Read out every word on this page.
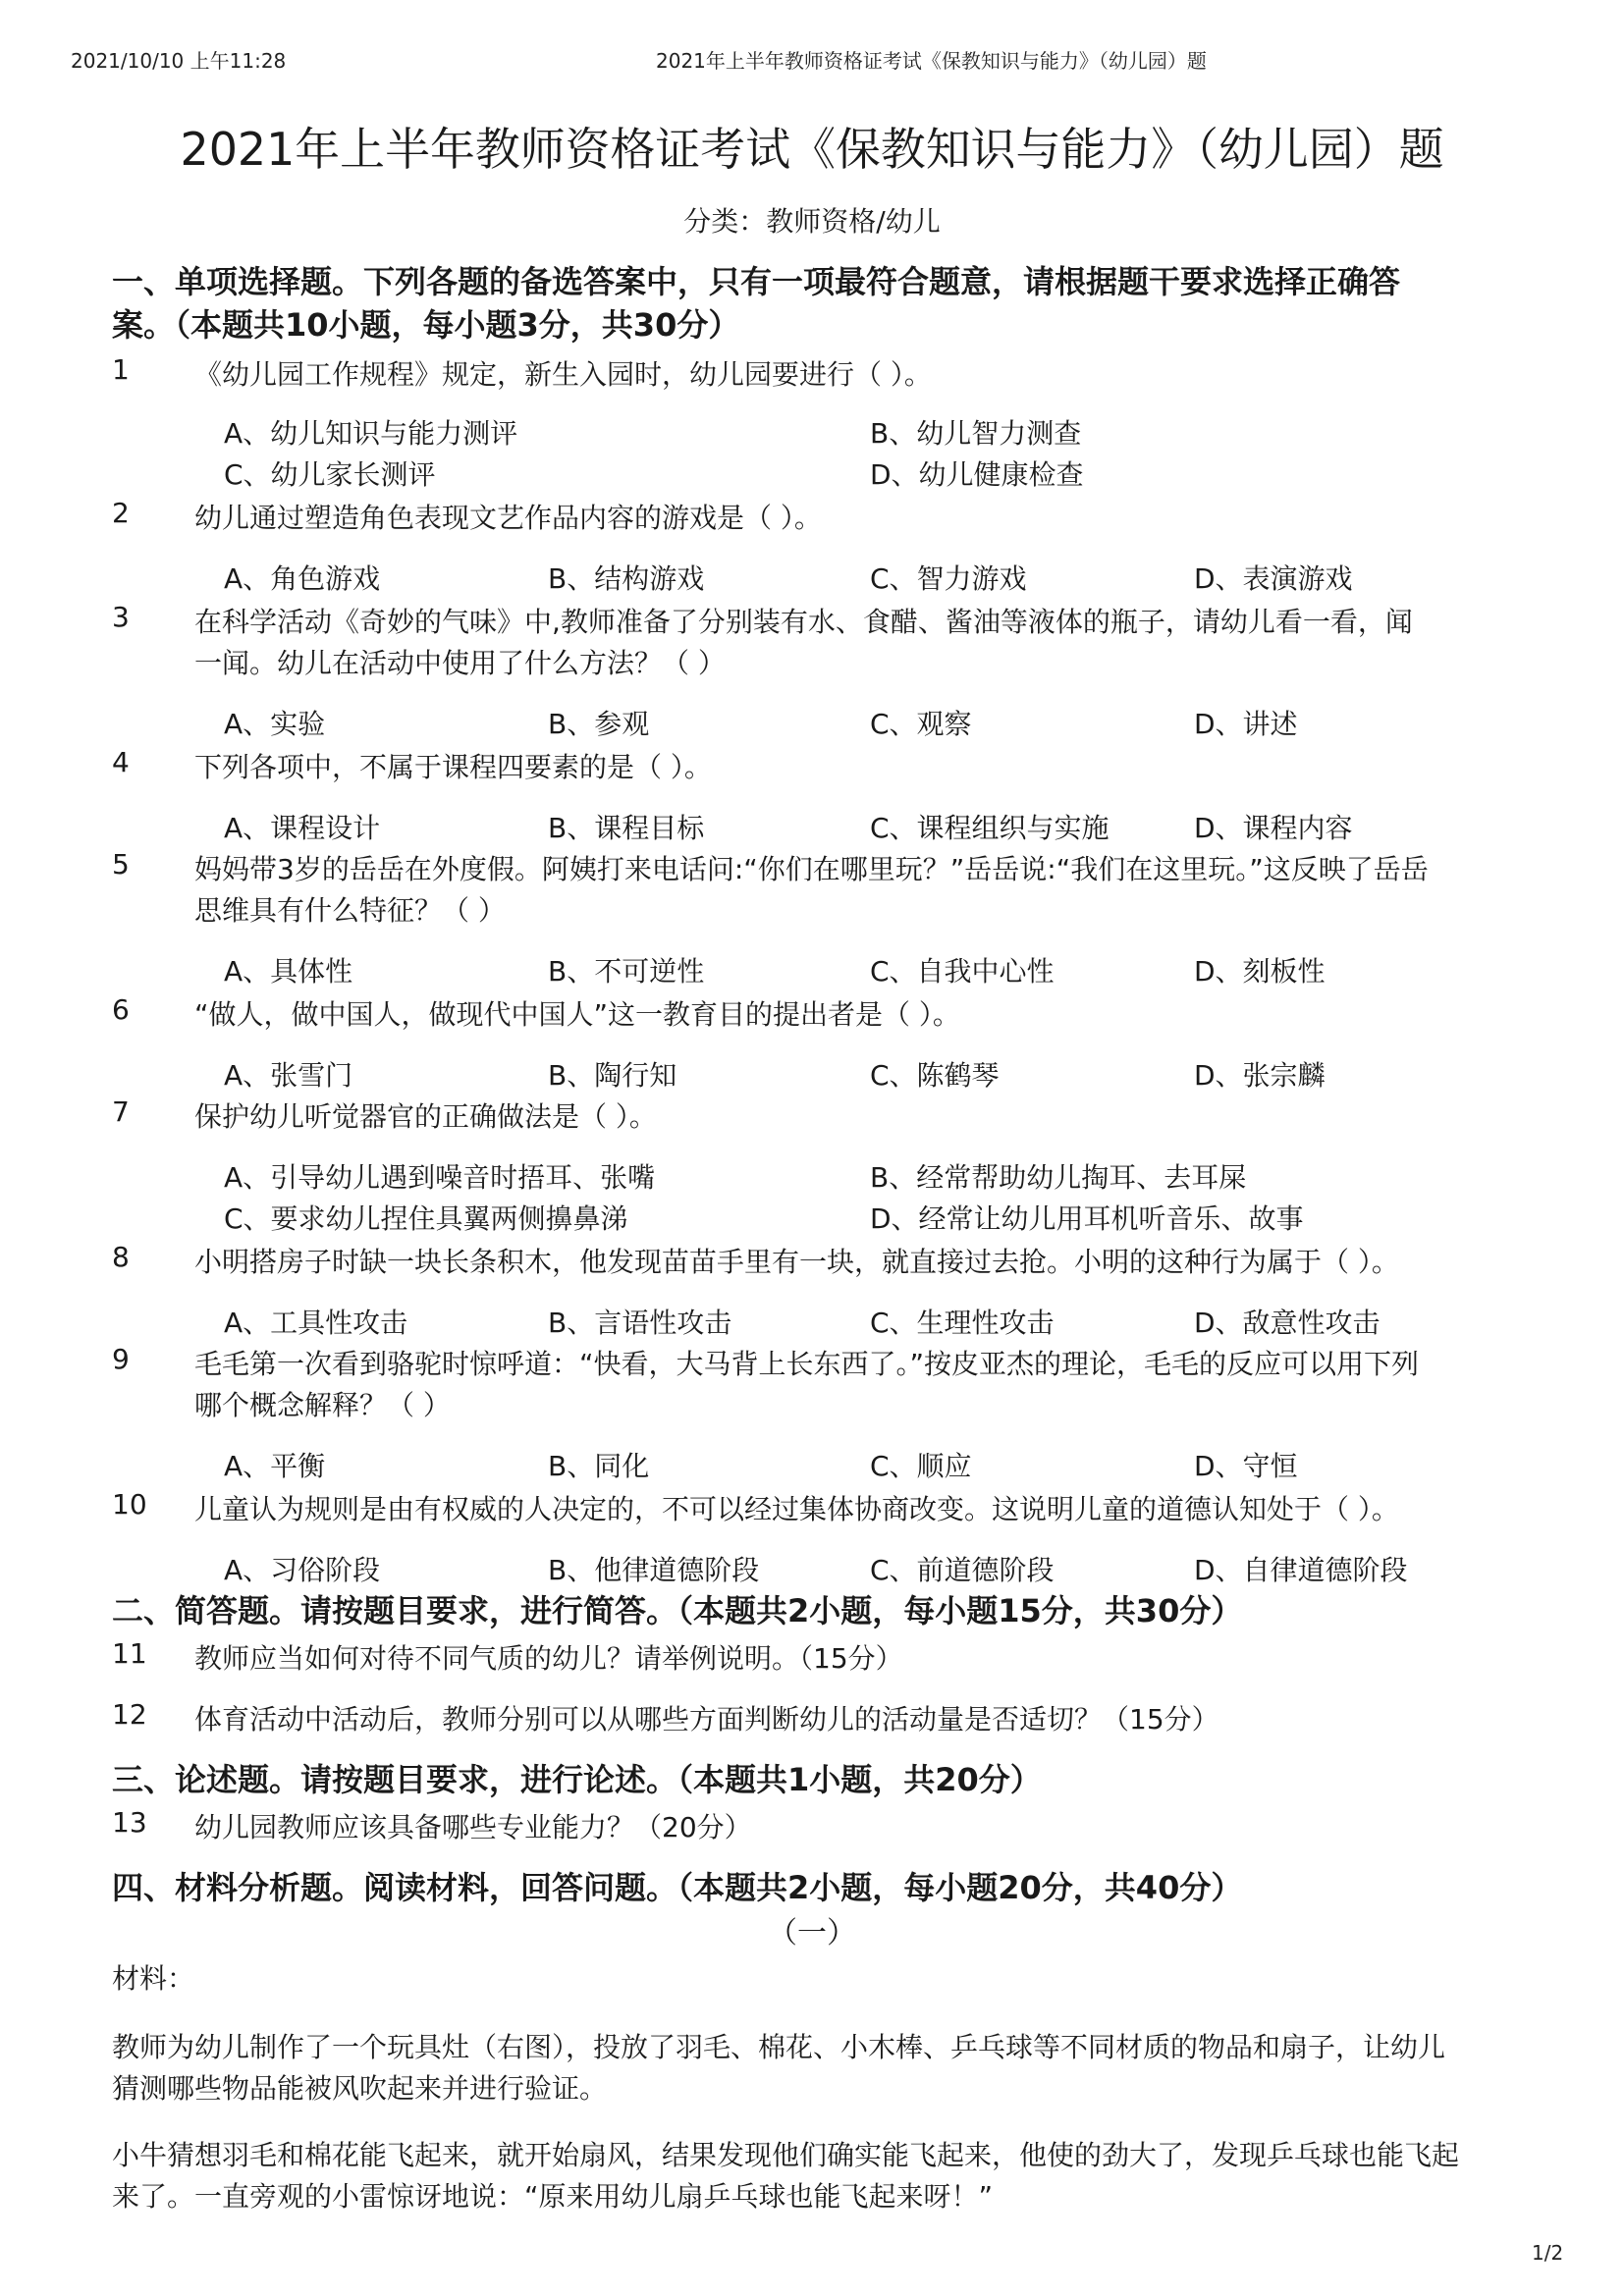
2021/10/10 上午11:28	2021年上半年教师资格证考试《保教知识与能力》（幼儿园）题
2021年上半年教师资格证考试《保教知识与能力》（幼儿园）题
分类：教师资格/幼儿
一、单项选择题。下列各题的备选答案中，只有一项最符合题意，请根据题干要求选择正确答
案。（本题共10小题，每小题3分，共30分）
1 《幼儿园工作规程》规定，新生入园时，幼儿园要进行（ ）。
A、幼儿知识与能力测评	B、幼儿智力测查
C、幼儿家长测评	D、幼儿健康检查
2 幼儿通过塑造角色表现文艺作品内容的游戏是（ ）。
A、角色游戏	B、结构游戏	C、智力游戏	D、表演游戏
3 在科学活动《奇妙的气味》中,教师准备了分别装有水、食醋、酱油等液体的瓶子，请幼儿看一看，闻
一闻。幼儿在活动中使用了什么方法？（ ）
A、实验	B、参观	C、观察	D、讲述
4 下列各项中，不属于课程四要素的是（ ）。
A、课程设计	B、课程目标	C、课程组织与实施	D、课程内容
5 妈妈带3岁的岳岳在外度假。阿姨打来电话问:“你们在哪里玩？”岳岳说:“我们在这里玩。”这反映了岳岳
思维具有什么特征？（ ）
A、具体性	B、不可逆性	C、自我中心性	D、刻板性
6 “做人，做中国人，做现代中国人”这一教育目的提出者是（ ）。
A、张雪门	B、陶行知	C、陈鹤琴	D、张宗麟
7 保护幼儿听觉器官的正确做法是（ ）。
A、引导幼儿遇到噪音时捂耳、张嘴	B、经常帮助幼儿掏耳、去耳屎
C、要求幼儿捏住具翼两侧擤鼻涕	D、经常让幼儿用耳机听音乐、故事
8 小明搭房子时缺一块长条积木，他发现苗苗手里有一块，就直接过去抢。小明的这种行为属于（ ）。
A、工具性攻击	B、言语性攻击	C、生理性攻击	D、敌意性攻击
9 毛毛第一次看到骆驼时惊呼道：“快看，大马背上长东西了。”按皮亚杰的理论，毛毛的反应可以用下列
哪个概念解释？（ ）
A、平衡	B、同化	C、顺应	D、守恒
10 儿童认为规则是由有权威的人决定的，不可以经过集体协商改变。这说明儿童的道德认知处于（ ）。
A、习俗阶段	B、他律道德阶段	C、前道德阶段	D、自律道德阶段
二、简答题。请按题目要求，进行简答。（本题共2小题，每小题15分，共30分）
11 教师应当如何对待不同气质的幼儿？请举例说明。（15分）
12 体育活动中活动后，教师分别可以从哪些方面判断幼儿的活动量是否适切？（15分）
三、论述题。请按题目要求，进行论述。（本题共1小题，共20分）
13 幼儿园教师应该具备哪些专业能力？（20分）
四、材料分析题。阅读材料，回答问题。（本题共2小题，每小题20分，共40分）
（一）
材料：
教师为幼儿制作了一个玩具灶（右图），投放了羽毛、棉花、小木棒、乒乓球等不同材质的物品和扇子，让幼儿
猜测哪些物品能被风吹起来并进行验证。
小牛猜想羽毛和棉花能飞起来，就开始扇风，结果发现他们确实能飞起来，他使的劲大了，发现乒乓球也能飞起
来了。一直旁观的小雷惊讶地说：“原来用幼儿扇乒乓球也能飞起来呀！”
1/2
